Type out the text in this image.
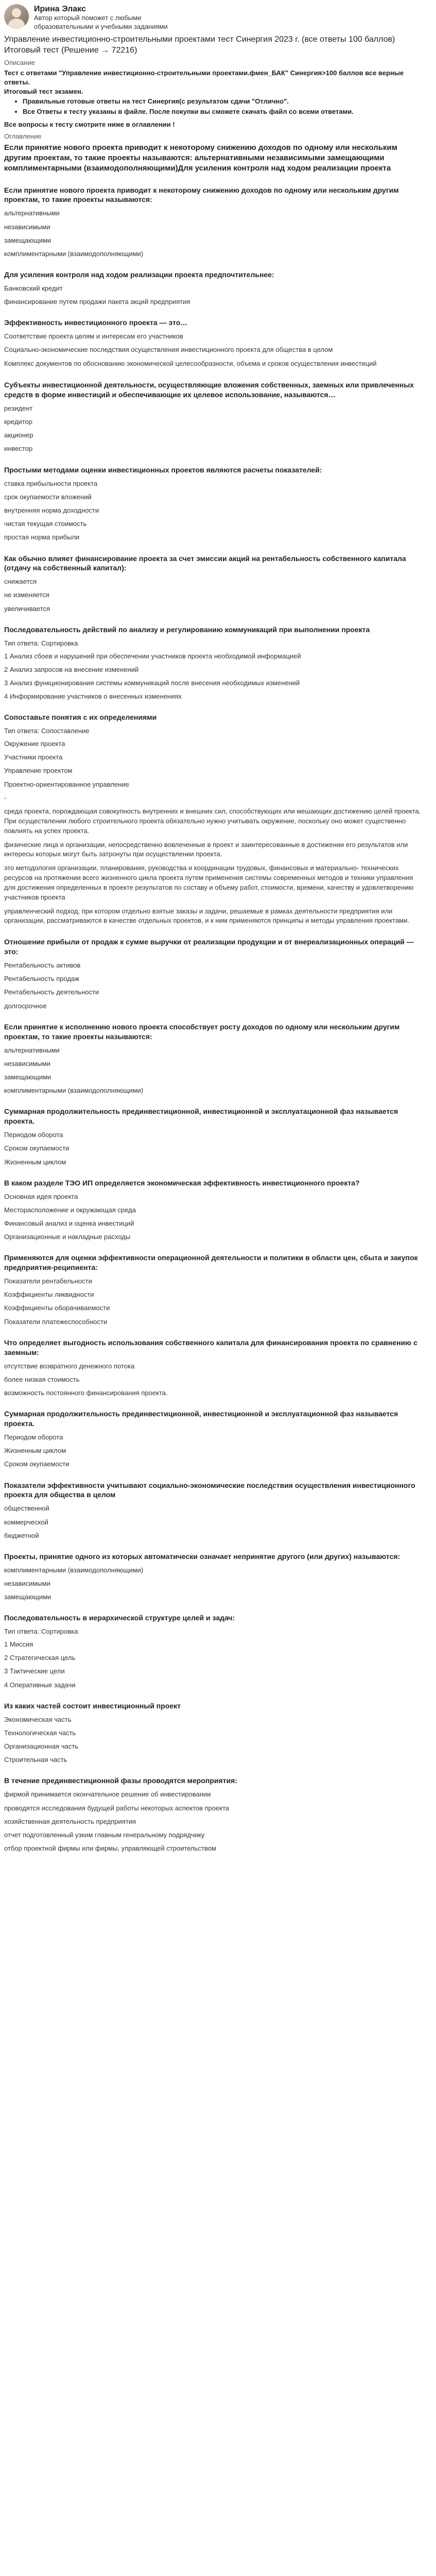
Ирина Элакс
Автор который поможет с любыми образовательными и учебными заданиями
Управление инвестиционно-строительными проектами тест Синергия 2023 г. (все ответы 100 баллов) Итоговый тест (Решение → 72216)
Описание

Тест с ответами "Управление инвестиционно-строительными проектами.фмен_БАК" Синергия>100 баллов все верные ответы.

Итоговый тест экзамен.

• Правильные готовые ответы на тест Синергия(с результатом сдачи "Отлично".
• Все Ответы к тесту указаны в файле. После покупки вы сможете скачать файл со всеми ответами.
Все вопросы к тесту смотрите ниже в оглавлении !
Оглавление
Если принятие нового проекта приводит к некоторому снижению доходов по одному или нескольким другим проектам, то такие проекты называются: альтернативными независимыми замещающими комплиментарными (взаимодополняющими)Для усиления контроля над ходом реализации проекта
Если принятие нового проекта приводит к некоторому снижению доходов по одному или нескольким другим проектам, то такие проекты называются:
альтернативными
независимыми
замещающими
комплиментарными (взаимодополняющими)
Для усиления контроля над ходом реализации проекта предпочтительнее:
Банковский кредит
финансирование путем продажи пакета акций предприятия
Эффективность инвестиционного проекта — это…
Соответствие проекта целям и интересам его участников
Социально-экономические последствия осуществления инвестиционного проекта для общества в целом
Комплекс документов по обоснованию экономической целесообразности, объема и сроков осуществления инвестиций
Субъекты инвестиционной деятельности, осуществляющие вложения собственных, заемных или привлеченных средств в форме инвестиций и обеспечивающие их целевое использование, называются…
резидент
кредитор
акционер
инвестор
Простыми методами оценки инвестиционных проектов являются расчеты показателей:
ставка прибыльности проекта
срок окупаемости вложений
внутренняя норма доходности
чистая текущая стоимость
простая норма прибыли
Как обычно влияет финансирование проекта за счет эмиссии акций на рентабельность собственного капитала (отдачу на собственный капитал):
снижается
не изменяется
увеличивается
Последовательность действий по анализу и регулированию коммуникаций при выполнении проекта
Тип ответа: Сортировка
1 Анализ сбоев и нарушений при обеспечении участников проекта необходимой информацией
2 Анализ запросов на внесение изменений
3 Анализ функционирования системы коммуникаций после внесения необходимых изменений
4 Информирование участников о внесенных изменениях
Сопоставьте понятия с их определениями
Тип ответа: Сопоставление
Окружение проекта
Участники проекта
Управление проектом
Проектно-ориентированное управление
-
среда проекта, порождающая совокупность внутренних и внешних сил, способствующих или мешающих достижению целей проекта. При осуществлении любого строительного проекта обязательно нужно учитывать окружение, поскольку оно может существенно повлиять на успех проекта.
физические лица и организации, непосредственно вовлеченные в проект и заинтересованные в достижении его результатов или интересы которых могут быть затронуты при осуществлении проекта.
это методология организации, планирования, руководства и координации трудовых, финансовых и материально- технических ресурсов на протяжении всего жизненного цикла проекта путем применения системы современных методов и техники управления для достижения определенных в проекте результатов по составу и объему работ, стоимости, времени, качеству и удовлетворению участников проекта
управленческий подход, при котором отдельно взятые заказы и задачи, решаемые в рамках деятельности предприятия или организации, рассматриваются в качестве отдельных проектов, и к ним применяются принципы и методы управления проектами.
Отношение прибыли от продаж к сумме выручки от реализации продукции и от внереализационных операций — это:
Рентабельность активов
Рентабельность продаж
Рентабельность деятельности
долгосрочное
Если принятие к исполнению нового проекта способствует росту доходов по одному или нескольким другим проектам, то такие проекты называются:
альтернативными
независимыми
замещающими
комплиментарными (взаимодополняющими)
Суммарная продолжительность прединвестиционной, инвестиционной и эксплуатационной фаз называется проекта.
Периодом оборота
Сроком окупаемости
Жизненным циклом
В каком разделе ТЭО ИП определяется экономическая эффективность инвестиционного проекта?
Основная идея проекта
Месторасположение и окружающая среда
Финансовый анализ и оценка инвестиций
Организационные и накладные расходы
Применяются для оценки эффективности операционной деятельности и политики в области цен, сбыта и закупок предприятия-реципиента:
Показатели рентабельности
Коэффициенты ликвидности
Коэффициенты оборачиваемости
Показатели платежеспособности
Что определяет выгодность использования собственного капитала для финансирования проекта по сравнению с заемным:
отсутствие возвратного денежного потока
более низкая стоимость
возможность постоянного финансирования проекта.
Суммарная продолжительность прединвестиционной, инвестиционной и эксплуатационной фаз называется проекта.
Периодом оборота
Жизненным циклом
Сроком окупаемости
Показатели эффективности учитывают социально-экономические последствия осуществления инвестиционного проекта для общества в целом
общественной
коммерческой
бюджетной
Проекты, принятие одного из которых автоматически означает непринятие другого (или других) называются:
комплиментарными (взаимодополняющими)
независимыми
замещающими
Последовательность в иерархической структуре целей и задач:
Тип ответа: Сортировка
1 Миссия
2 Стратегическая цель
3 Тактические цели
4 Оперативные задачи
Из каких частей состоит инвестиционный проект
Экономическая часть
Технологическая часть
Организационная часть
Строительная часть
В течение прединвестиционной фазы проводятся мероприятия:
фирмой принимается окончательное решение об инвестировании
проводятся исследования будущей работы некоторых аспектов проекта
хозяйственная деятельность предприятия
отчет подготовленный узким главным генеральному подрядчику
отбор проектной фирмы или фирмы, управляющей строительством
